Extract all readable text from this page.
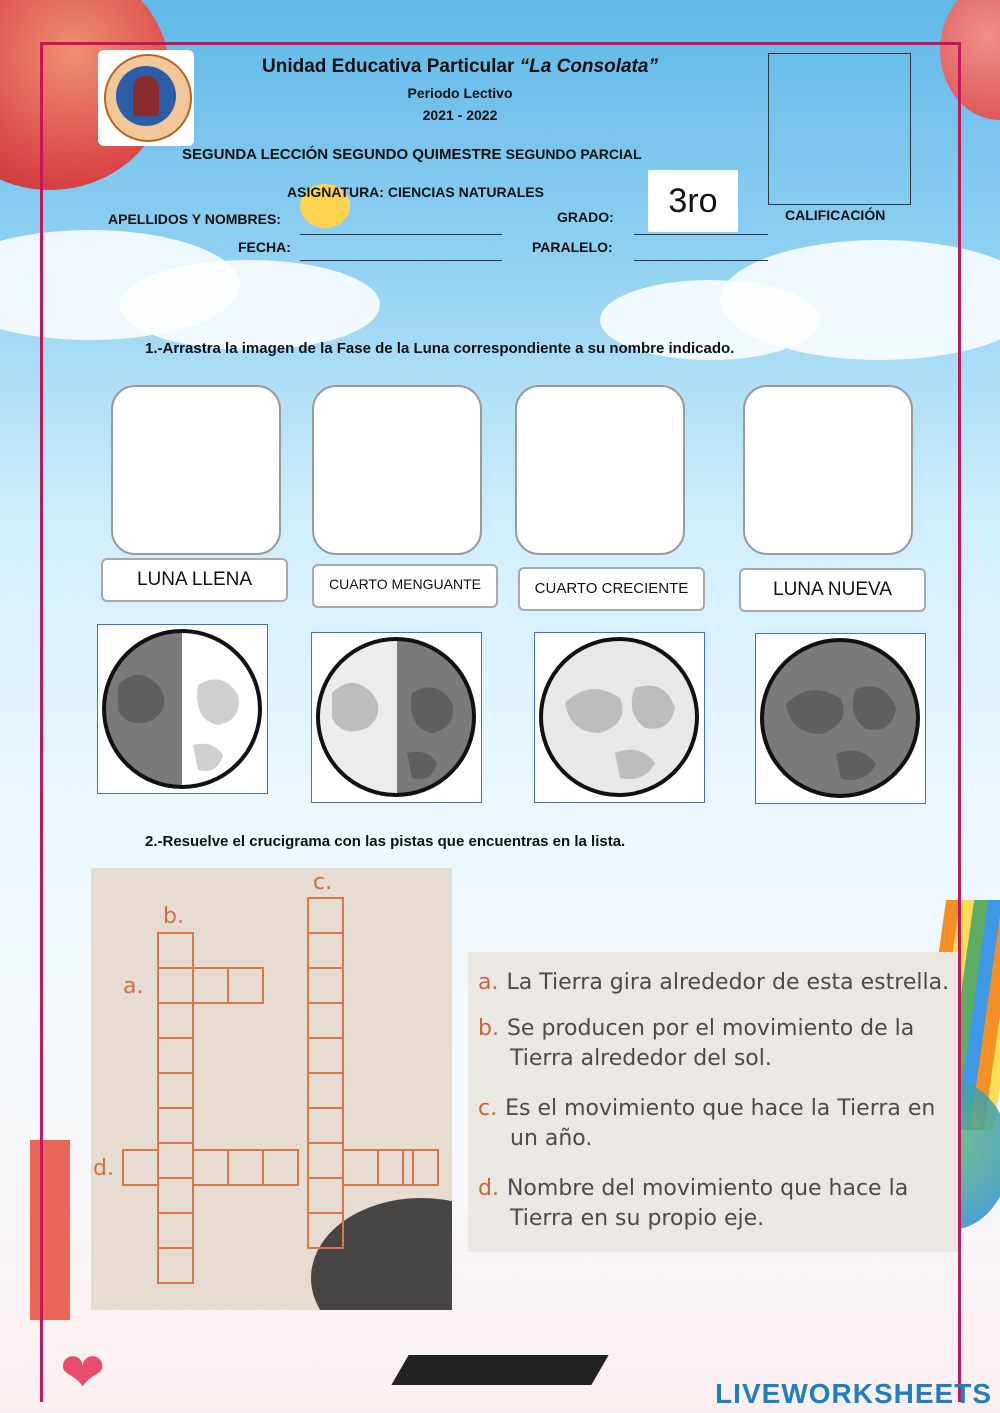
❤
Unidad Educativa Particular “La Consolata”
Periodo Lectivo
2021 - 2022
SEGUNDA LECCIÓN SEGUNDO QUIMESTRE SEGUNDO PARCIAL
ASIGNATURA: CIENCIAS NATURALES
APELLIDOS Y NOMBRES:
FECHA:
GRADO:	3ro
PARALELO:
CALIFICACIÓN
1.-Arrastra la imagen de la Fase de la Luna correspondiente a su nombre indicado.
LUNA LLENA	CUARTO MENGUANTE	CUARTO CRECIENTE	LUNA NUEVA
2.-Resuelve el crucigrama con las pistas que encuentras en la lista.
a.
b.
c.
d.
a. La Tierra gira alrededor de esta estrella.
b. Se producen por el movimiento de la
Tierra alrededor del sol.
c. Es el movimiento que hace la Tierra en
un año.
d. Nombre del movimiento que hace la
Tierra en su propio eje.
LIVEWORKSHEETS
